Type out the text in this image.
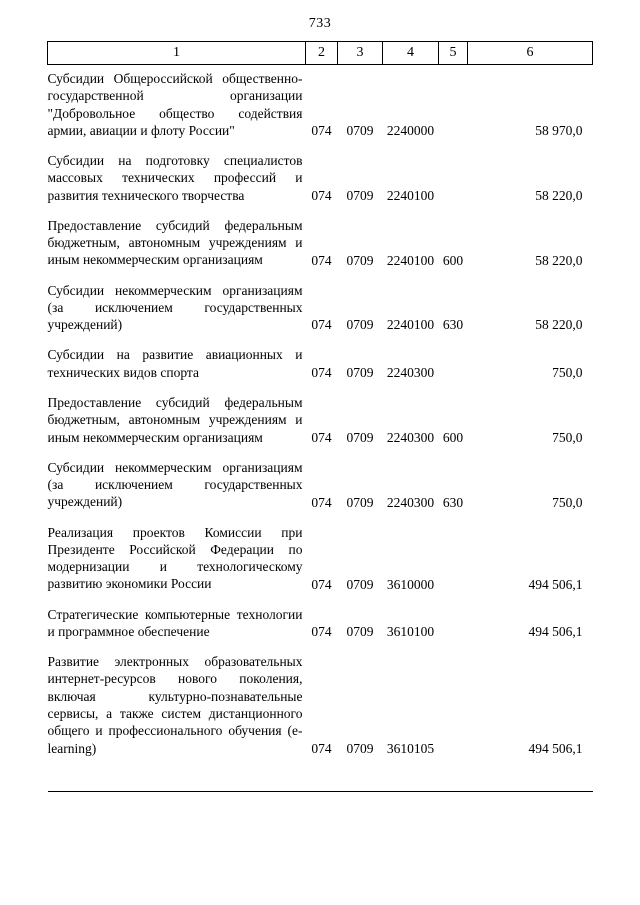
733
1	2	3	4	5	6
Субсидии Общероссийской общественно-государственной организации "Добровольное общество содействия армии, авиации и флоту России"	074	0709	2240000		58 970,0
Субсидии на подготовку специалистов массовых технических профессий и развития технического творчества	074	0709	2240100		58 220,0
Предоставление субсидий федеральным бюджетным, автономным учреждениям и иным некоммерческим организациям	074	0709	2240100	600	58 220,0
Субсидии некоммерческим организациям (за исключением государственных учреждений)	074	0709	2240100	630	58 220,0
Субсидии на развитие авиационных и технических видов спорта	074	0709	2240300		750,0
Предоставление субсидий федеральным бюджетным, автономным учреждениям и иным некоммерческим организациям	074	0709	2240300	600	750,0
Субсидии некоммерческим организациям (за исключением государственных учреждений)	074	0709	2240300	630	750,0
Реализация проектов Комиссии при Президенте Российской Федерации по модернизации и технологическому развитию экономики России	074	0709	3610000		494 506,1
Стратегические компьютерные технологии и программное обеспечение	074	0709	3610100		494 506,1
Развитие электронных образовательных интернет-ресурсов нового поколения, включая культурно-познавательные сервисы, а также систем дистанционного общего и профессионального обучения (e-learning)	074	0709	3610105		494 506,1
